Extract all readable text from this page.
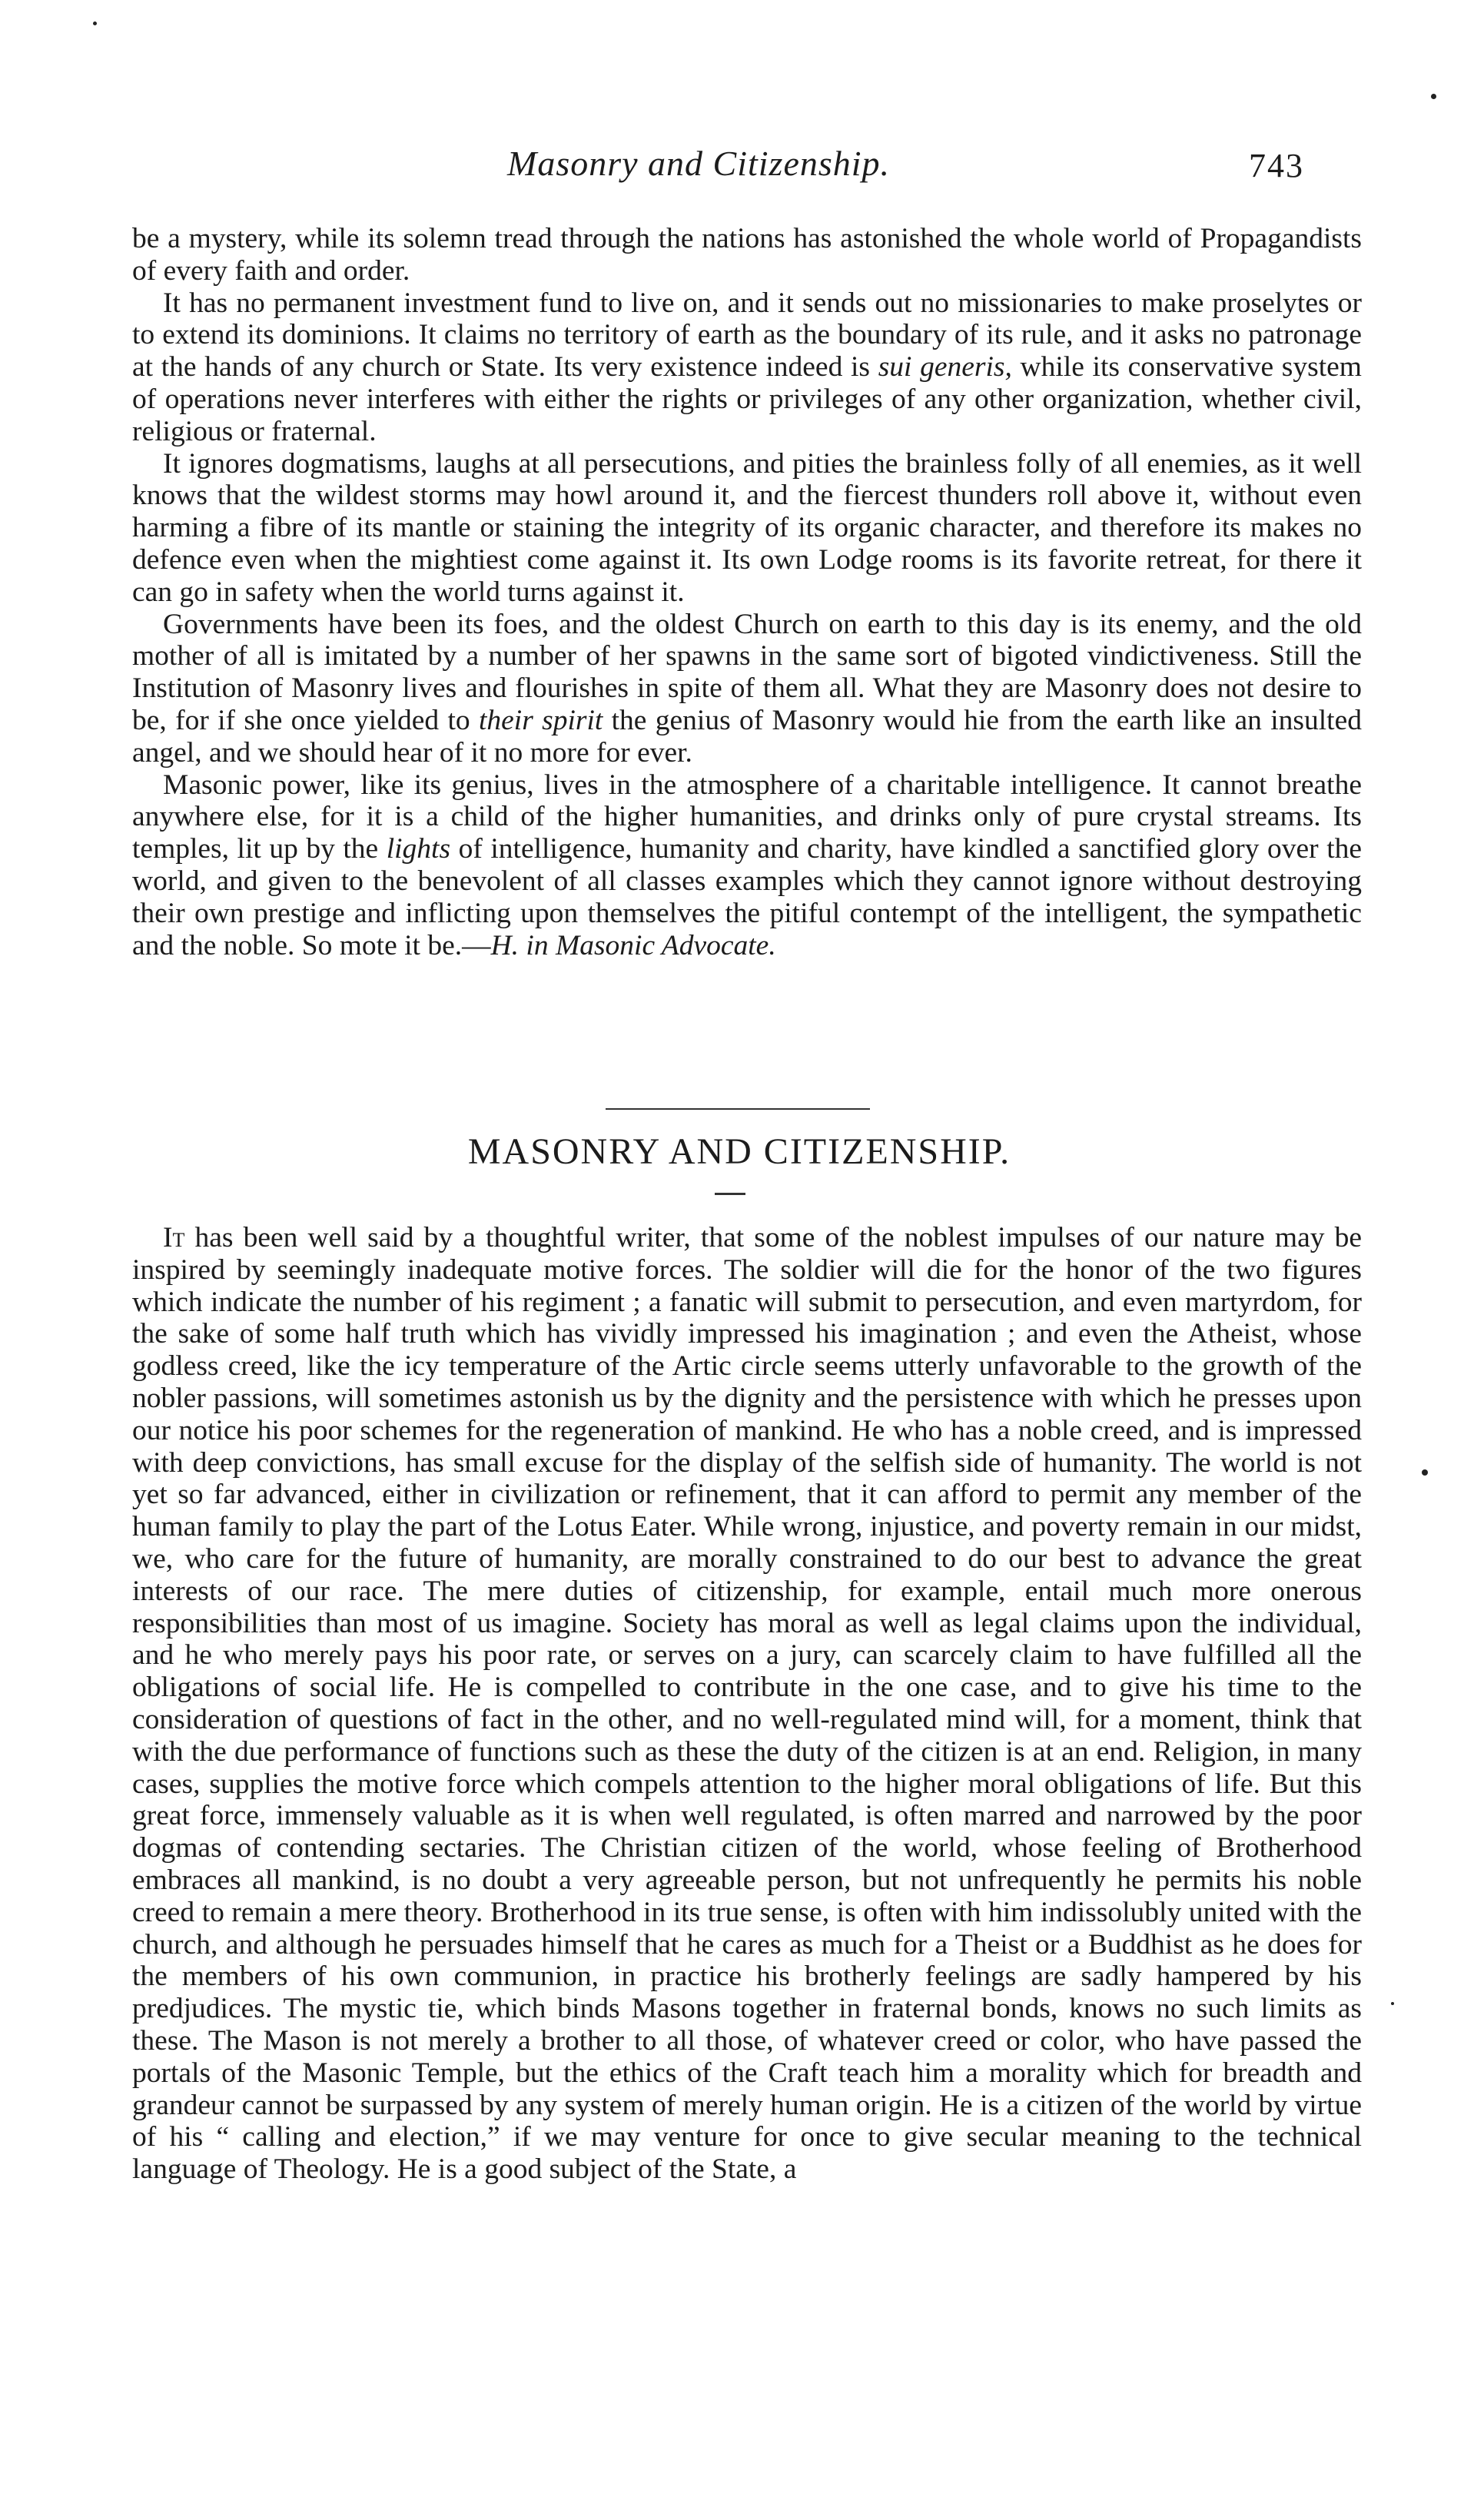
Masonry and Citizenship.	743

be a mystery, while its solemn tread through the nations has astonished the whole world of Propagandists of every faith and order.

It has no permanent investment fund to live on, and it sends out no missionaries to make proselytes or to extend its dominions. It claims no territory of earth as the boundary of its rule, and it asks no patronage at the hands of any church or State. Its very existence indeed is sui generis, while its conservative system of operations never interferes with either the rights or privileges of any other organization, whether civil, religious or fraternal.

It ignores dogmatisms, laughs at all persecutions, and pities the brainless folly of all enemies, as it well knows that the wildest storms may howl around it, and the fiercest thunders roll above it, without even harming a fibre of its mantle or staining the integrity of its organic character, and therefore its makes no defence even when the mightiest come against it. Its own Lodge rooms is its favorite retreat, for there it can go in safety when the world turns against it.

Governments have been its foes, and the oldest Church on earth to this day is its enemy, and the old mother of all is imitated by a number of her spawns in the same sort of bigoted vindictiveness. Still the Institution of Masonry lives and flourishes in spite of them all. What they are Masonry does not desire to be, for if she once yielded to their spirit the genius of Masonry would hie from the earth like an insulted angel, and we should hear of it no more for ever.

Masonic power, like its genius, lives in the atmosphere of a charitable intelligence. It cannot breathe anywhere else, for it is a child of the higher humanities, and drinks only of pure crystal streams. Its temples, lit up by the lights of intelligence, humanity and charity, have kindled a sanctified glory over the world, and given to the benevolent of all classes examples which they cannot ignore without destroying their own prestige and inflicting upon themselves the pitiful contempt of the intelligent, the sympathetic and the noble. So mote it be.—H. in Masonic Advocate.

MASONRY AND CITIZENSHIP.

It has been well said by a thoughtful writer, that some of the noblest impulses of our nature may be inspired by seemingly inadequate motive forces. The soldier will die for the honor of the two figures which indicate the number of his regiment ; a fanatic will submit to persecution, and even martyrdom, for the sake of some half truth which has vividly impressed his imagination ; and even the Atheist, whose godless creed, like the icy temperature of the Artic circle seems utterly unfavorable to the growth of the nobler passions, will sometimes astonish us by the dignity and the persistence with which he presses upon our notice his poor schemes for the regeneration of mankind. He who has a noble creed, and is impressed with deep convictions, has small excuse for the display of the selfish side of humanity. The world is not yet so far advanced, either in civilization or refinement, that it can afford to permit any member of the human family to play the part of the Lotus Eater. While wrong, injustice, and poverty remain in our midst, we, who care for the future of humanity, are morally constrained to do our best to advance the great interests of our race. The mere duties of citizenship, for example, entail much more onerous responsibilities than most of us imagine. Society has moral as well as legal claims upon the individual, and he who merely pays his poor rate, or serves on a jury, can scarcely claim to have fulfilled all the obligations of social life. He is compelled to contribute in the one case, and to give his time to the consideration of questions of fact in the other, and no well-regulated mind will, for a moment, think that with the due performance of functions such as these the duty of the citizen is at an end. Religion, in many cases, supplies the motive force which compels attention to the higher moral obligations of life. But this great force, immensely valuable as it is when well regulated, is often marred and narrowed by the poor dogmas of contending sectaries. The Christian citizen of the world, whose feeling of Brotherhood embraces all mankind, is no doubt a very agreeable person, but not unfrequently he permits his noble creed to remain a mere theory. Brotherhood in its true sense, is often with him indissolubly united with the church, and although he persuades himself that he cares as much for a Theist or a Buddhist as he does for the members of his own communion, in practice his brotherly feelings are sadly hampered by his predjudices. The mystic tie, which binds Masons together in fraternal bonds, knows no such limits as these. The Mason is not merely a brother to all those, of whatever creed or color, who have passed the portals of the Masonic Temple, but the ethics of the Craft teach him a morality which for breadth and grandeur cannot be surpassed by any system of merely human origin. He is a citizen of the world by virtue of his “ calling and election,” if we may venture for once to give secular meaning to the technical language of Theology. He is a good subject of the State, a
